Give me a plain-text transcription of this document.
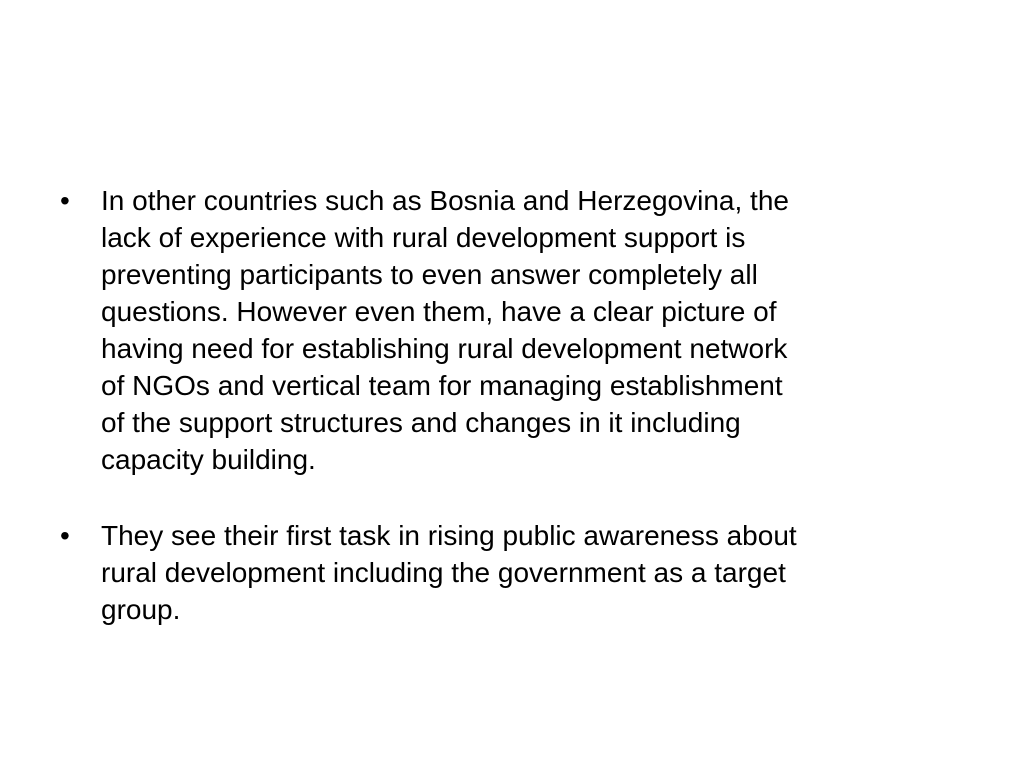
•	In other countries such as Bosnia and Herzegovina, the
lack of experience with rural development support is
preventing participants to even answer completely all
questions. However even them, have a clear picture of
having need for establishing rural development network
of NGOs and vertical team for managing establishment
of the support structures and changes in it including
capacity building.
•	They see their first task in rising public awareness about
rural development including the government as a target
group.
